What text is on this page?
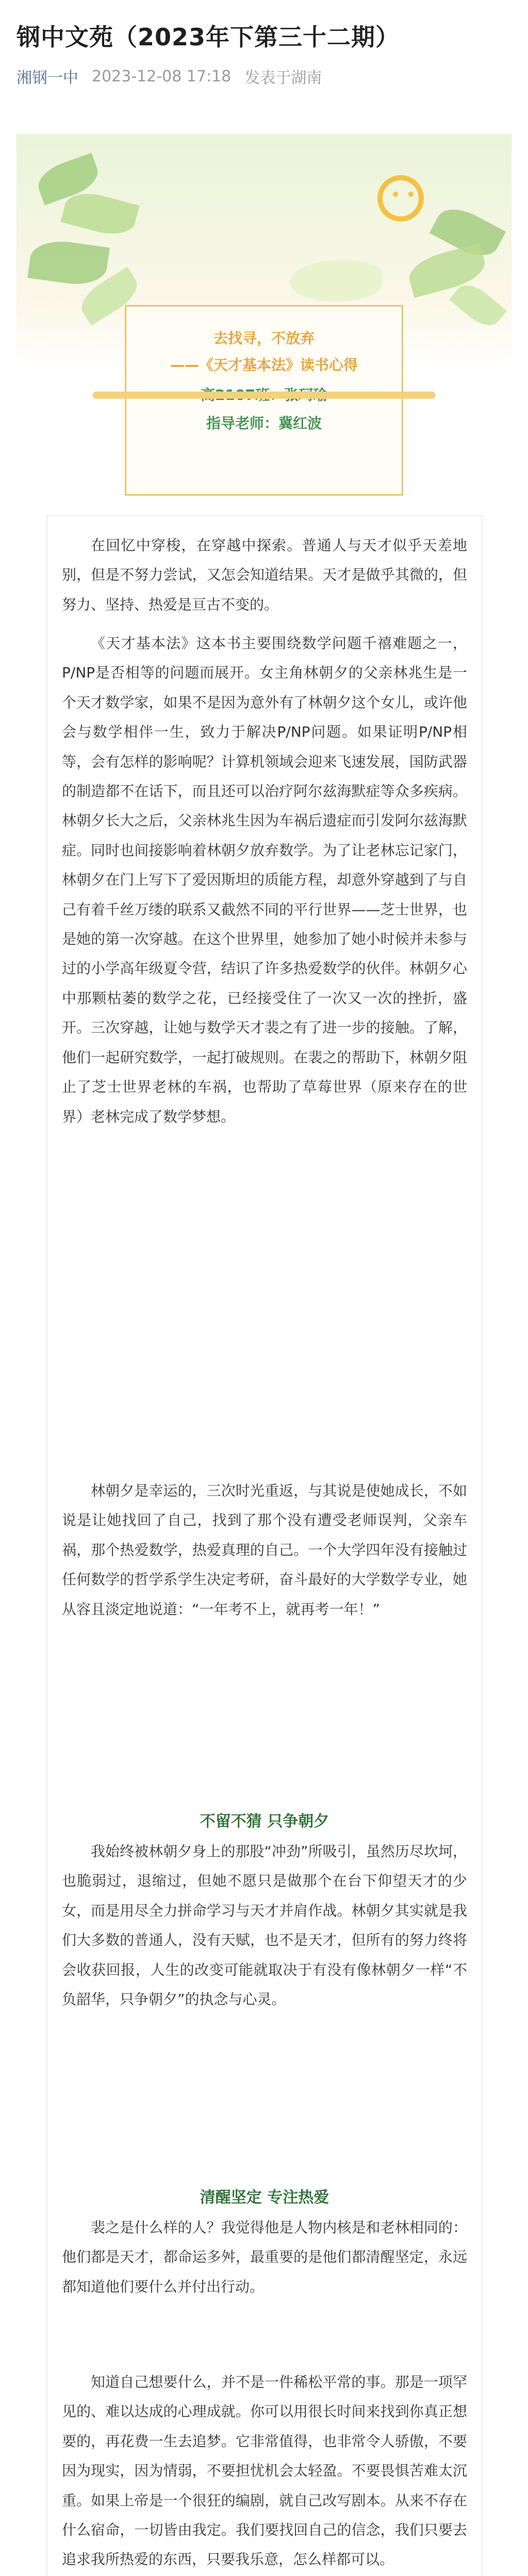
钢中文苑（2023年下第三十二期）
湘钢一中 2023-12-08 17:18 发表于湖南
去找寻，不放弃
——《天才基本法》读书心得
指导老师：冀红波
在回忆中穿梭，在穿越中探索。普通人与天才似乎天差地别，但是不努力尝试，又怎会知道结果。天才是做乎其微的，但努力、坚持、热爱是亘古不变的。
《天才基本法》这本书主要围绕数学问题千禧难题之一，P/NP是否相等的问题而展开。女主角林朝夕的父亲林兆生是一个天才数学家，如果不是因为意外有了林朝夕这个女儿，或许他会与数学相伴一生，致力于解决P/NP问题。如果证明P/NP相等，会有怎样的影响呢？计算机领域会迎来飞速发展，国防武器的制造都不在话下，而且还可以治疗阿尔兹海默症等众多疾病。林朝夕长大之后，父亲林兆生因为车祸后遗症而引发阿尔兹海默症。同时也间接影响着林朝夕放弃数学。为了让老林忘记家门，林朝夕在门上写下了爱因斯坦的质能方程，却意外穿越到了与自己有着千丝万缕的联系又截然不同的平行世界——芝士世界，也是她的第一次穿越。在这个世界里，她参加了她小时候并未参与过的小学高年级夏令营，结识了许多热爱数学的伙伴。林朝夕心中那颗枯萎的数学之花，已经接受住了一次又一次的挫折，盛开。三次穿越，让她与数学天才裴之有了进一步的接触。了解，他们一起研究数学，一起打破规则。在裴之的帮助下，林朝夕阻止了芝士世界老林的车祸，也帮助了草莓世界（原来存在的世界）老林完成了数学梦想。
林朝夕是幸运的，三次时光重返，与其说是使她成长，不如说是让她找回了自己，找到了那个没有遭受老师误判，父亲车祸，那个热爱数学，热爱真理的自己。一个大学四年没有接触过任何数学的哲学系学生决定考研，奋斗最好的大学数学专业，她从容且淡定地说道：“一年考不上，就再考一年！”
不留不猜 只争朝夕
我始终被林朝夕身上的那股“冲劲”所吸引，虽然历尽坎坷，也脆弱过，退缩过，但她不愿只是做那个在台下仰望天才的少女，而是用尽全力拼命学习与天才并肩作战。林朝夕其实就是我们大多数的普通人，没有天赋，也不是天才，但所有的努力终将会收获回报，人生的改变可能就取决于有没有像林朝夕一样“不负韶华，只争朝夕”的执念与心灵。
清醒坚定 专注热爱
裴之是什么样的人？我觉得他是人物内核是和老林相同的：他们都是天才，都命运多舛，最重要的是他们都清醒坚定，永远都知道他们要什么并付出行动。
知道自己想要什么，并不是一件稀松平常的事。那是一项罕见的、难以达成的心理成就。你可以用很长时间来找到你真正想要的，再花费一生去追梦。它非常值得，也非常令人骄傲，不要因为现实，因为情弱，不要担忧机会太轻盈。不要畏惧苦难太沉重。如果上帝是一个很狂的编剧，就自己改写剧本。从来不存在什么宿命，一切皆由我定。我们要找回自己的信念，我们只要去追求我所热爱的东西，只要我乐意，怎么样都可以。
